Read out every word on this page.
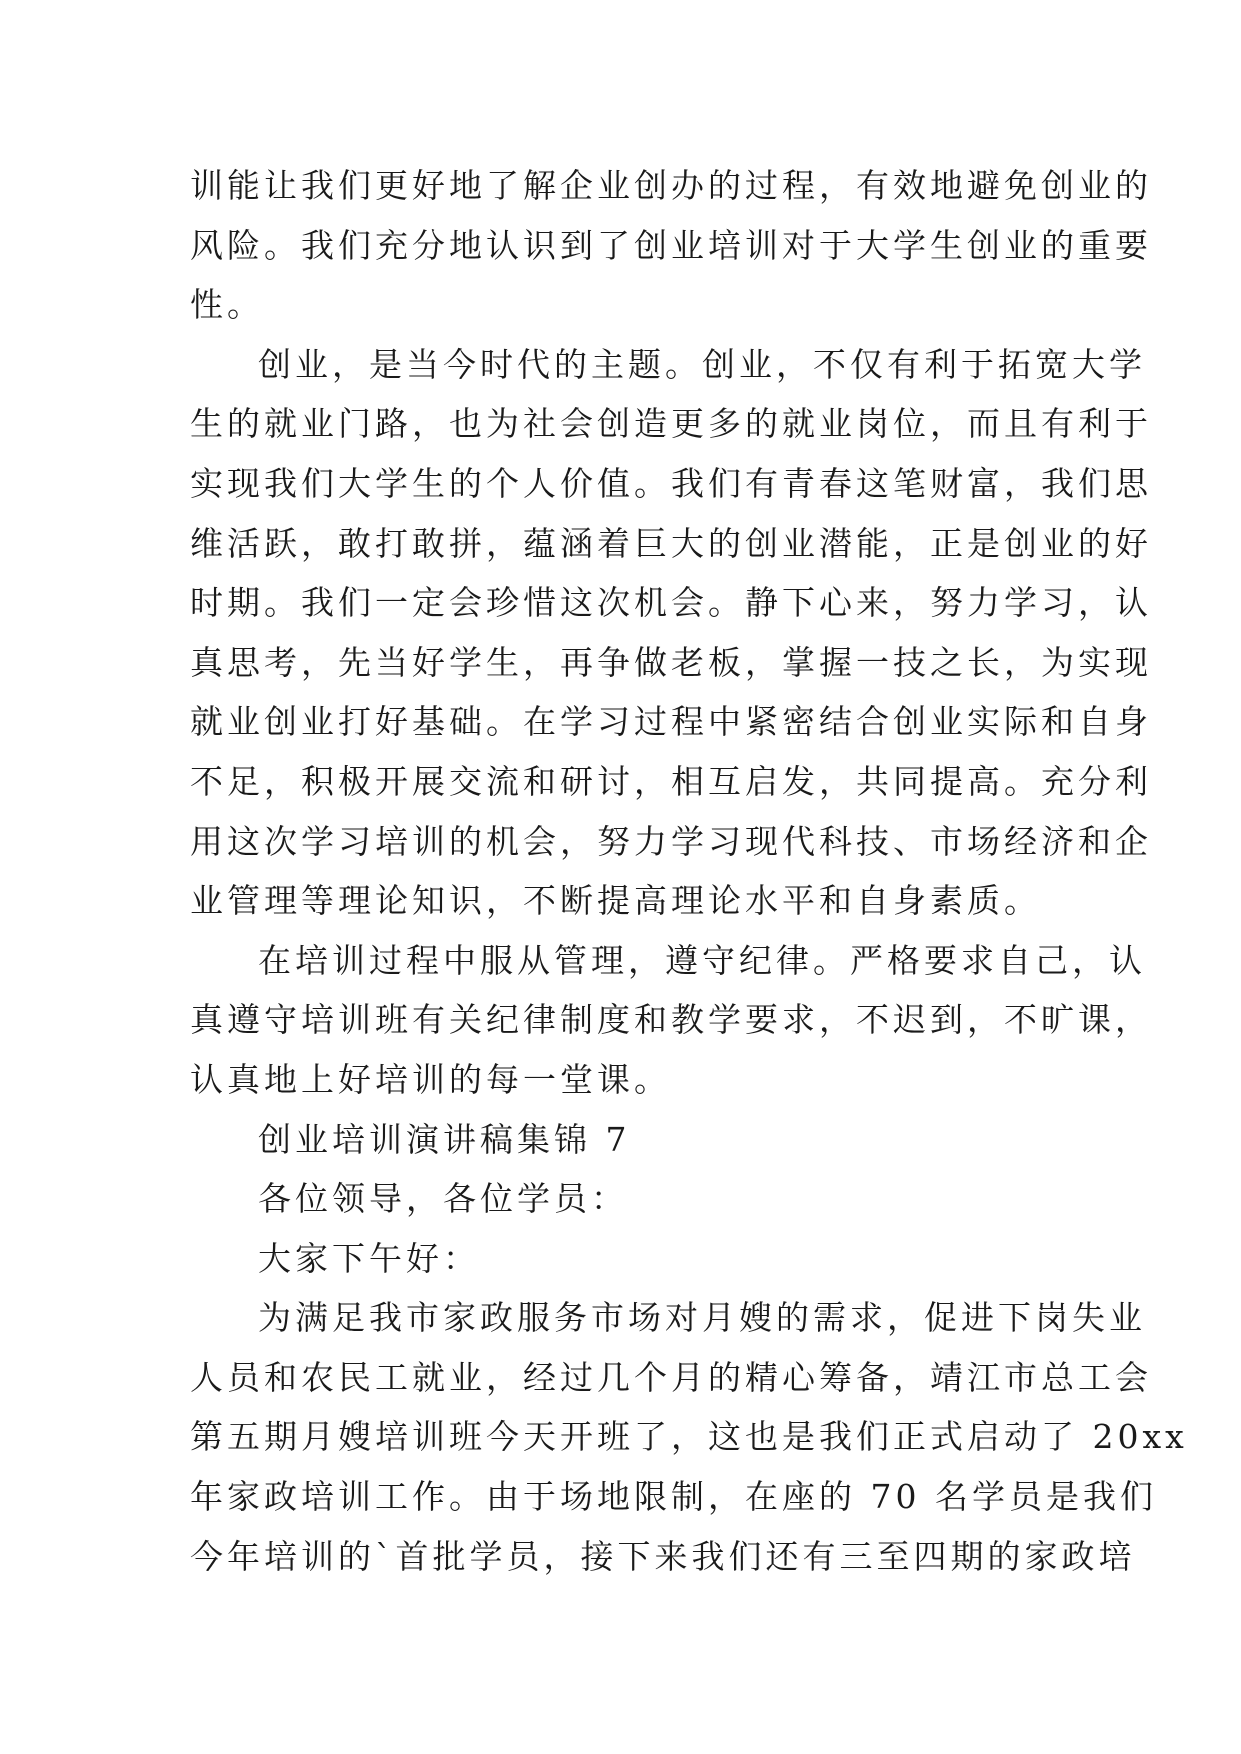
训能让我们更好地了解企业创办的过程，有效地避免创业的

风险。我们充分地认识到了创业培训对于大学生创业的重要

性。

创业，是当今时代的主题。创业，不仅有利于拓宽大学

生的就业门路，也为社会创造更多的就业岗位，而且有利于

实现我们大学生的个人价值。我们有青春这笔财富，我们思

维活跃，敢打敢拼，蕴涵着巨大的创业潜能，正是创业的好

时期。我们一定会珍惜这次机会。静下心来，努力学习，认

真思考，先当好学生，再争做老板，掌握一技之长，为实现

就业创业打好基础。在学习过程中紧密结合创业实际和自身

不足，积极开展交流和研讨，相互启发，共同提高。充分利

用这次学习培训的机会，努力学习现代科技、市场经济和企

业管理等理论知识，不断提高理论水平和自身素质。

在培训过程中服从管理，遵守纪律。严格要求自己，认

真遵守培训班有关纪律制度和教学要求，不迟到，不旷课，

认真地上好培训的每一堂课。

创业培训演讲稿集锦 7

各位领导，各位学员：

大家下午好：

为满足我市家政服务市场对月嫂的需求，促进下岗失业

人员和农民工就业，经过几个月的精心筹备，靖江市总工会

第五期月嫂培训班今天开班了，这也是我们正式启动了 20xx

年家政培训工作。由于场地限制，在座的 70 名学员是我们

今年培训的`首批学员，接下来我们还有三至四期的家政培
